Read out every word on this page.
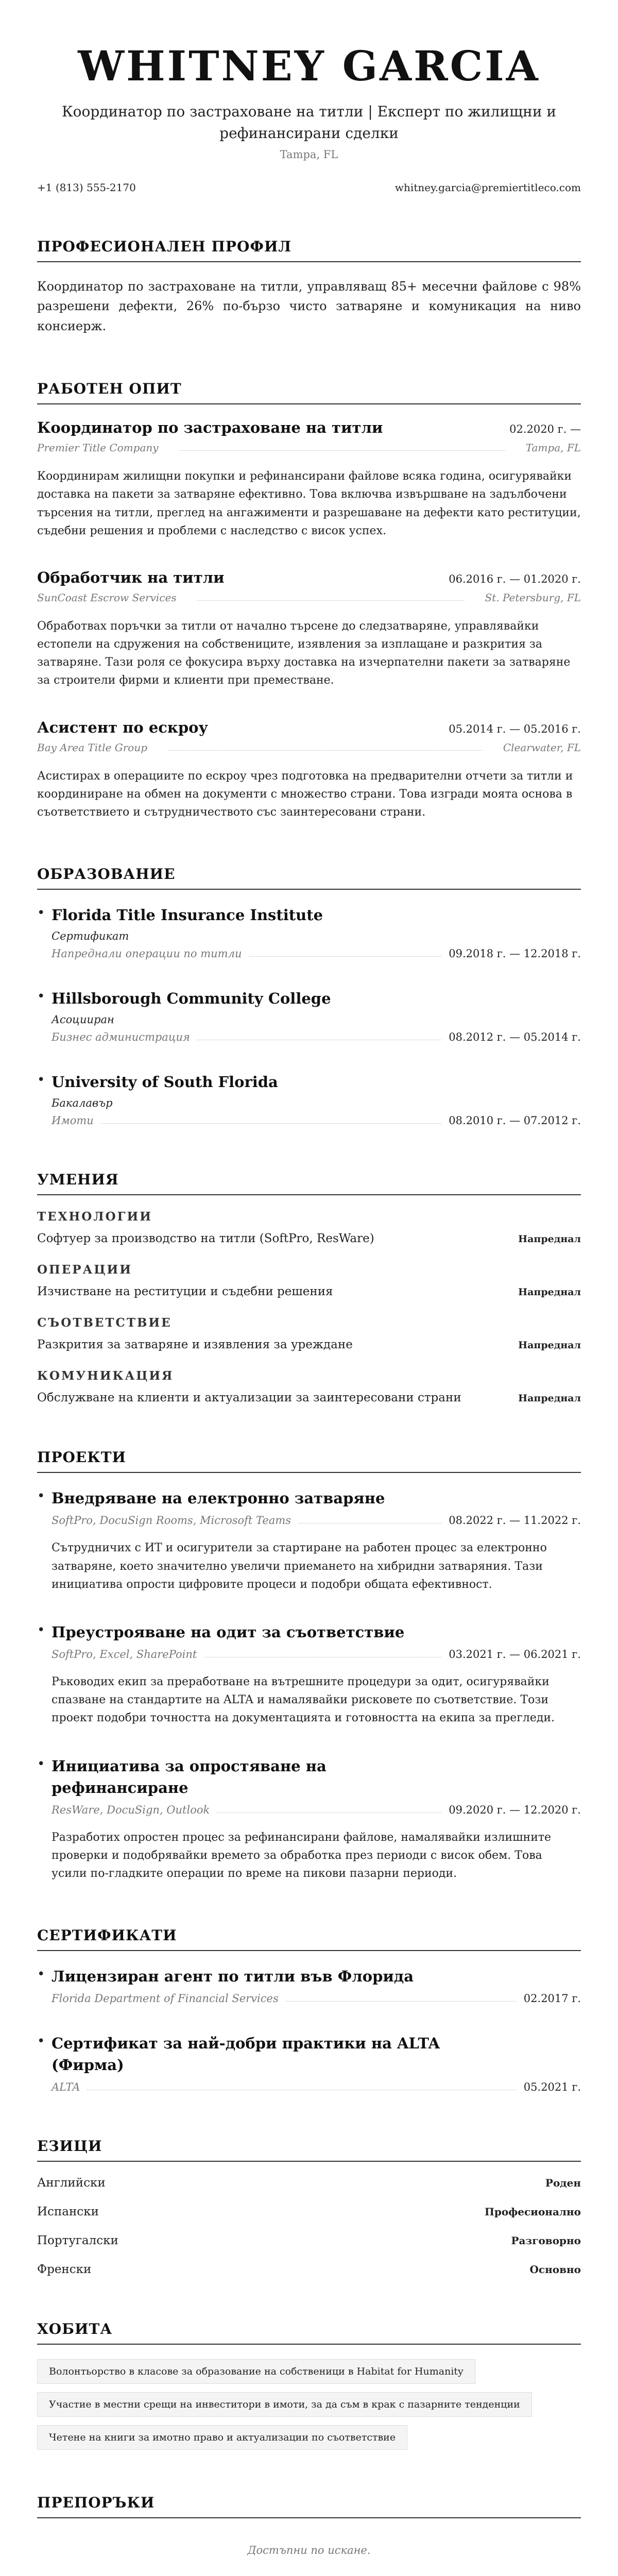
WHITNEY GARCIA
Координатор по застраховане на титли | Експерт по жилищни и рефинансирани сделки
Tampa, FL
+1 (813) 555-2170	whitney.garcia@premiertitleco.com
ПРОФЕСИОНАЛЕН ПРОФИЛ

Координатор по застраховане на титли, управляващ 85+ месечни файлове с 98% разрешени дефекти, 26% по-бързо чисто затваряне и комуникация на ниво консиерж.

РАБОТЕН ОПИТ
Координатор по застраховане на титли	02.2020 г. —
Premier Title Company	Tampa, FL

Координирам жилищни покупки и рефинансирани файлове всяка година, осигурявайки доставка на пакети за затваряне ефективно. Това включва извършване на задълбочени търсения на титли, преглед на ангажименти и разрешаване на дефекти като реституции, съдебни решения и проблеми с наследство с висок успех.

Обработчик на титли	06.2016 г. — 01.2020 г.
SunCoast Escrow Services	St. Petersburg, FL

Обработвах поръчки за титли от начално търсене до следзатваряне, управлявайки естопели на сдружения на собствениците, изявления за изплащане и разкрития за затваряне. Тази роля се фокусира върху доставка на изчерпателни пакети за затваряне за строители фирми и клиенти при преместване.

Асистент по ескроу	05.2014 г. — 05.2016 г.
Bay Area Title Group	Clearwater, FL

Асистирах в операциите по ескроу чрез подготовка на предварителни отчети за титли и координиране на обмен на документи с множество страни. Това изгради моята основа в съответствието и сътрудничеството със заинтересовани страни.

ОБРАЗОВАНИЕ
• Florida Title Insurance Institute
Сертификат
Напреднали операции по титли	09.2018 г. — 12.2018 г.
• Hillsborough Community College
Асоцииран
Бизнес администрация	08.2012 г. — 05.2014 г.
• University of South Florida
Бакалавър
Имоти	08.2010 г. — 07.2012 г.
УМЕНИЯ
ТЕХНОЛОГИИ
Софтуер за производство на титли (SoftPro, ResWare)	Напреднал
ОПЕРАЦИИ
Изчистване на реституции и съдебни решения	Напреднал
СЪОТВЕТСТВИЕ
Разкрития за затваряне и изявления за уреждане	Напреднал
КОМУНИКАЦИЯ
Обслужване на клиенти и актуализации за заинтересовани страни	Напреднал
ПРОЕКТИ
• Внедряване на електронно затваряне
SoftPro, DocuSign Rooms, Microsoft Teams	08.2022 г. — 11.2022 г.

Сътрудничих с ИТ и осигурители за стартиране на работен процес за електронно затваряне, което значително увеличи приемането на хибридни затваряния. Тази инициатива опрости цифровите процеси и подобри общата ефективност.

• Преустрояване на одит за съответствие
SoftPro, Excel, SharePoint	03.2021 г. — 06.2021 г.

Ръководих екип за преработване на вътрешните процедури за одит, осигурявайки спазване на стандартите на ALTA и намалявайки рисковете по съответствие. Този проект подобри точността на документацията и готовността на екипа за прегледи.

• Инициатива за опростяване на рефинансиране
ResWare, DocuSign, Outlook	09.2020 г. — 12.2020 г.

Разработих опростен процес за рефинансирани файлове, намалявайки излишните проверки и подобрявайки времето за обработка през периоди с висок обем. Това усили по-гладките операции по време на пикови пазарни периоди.

СЕРТИФИКАТИ
• Лицензиран агент по титли във Флорида
Florida Department of Financial Services	02.2017 г.
• Сертификат за най-добри практики на ALTA (Фирма)
ALTA	05.2021 г.
ЕЗИЦИ
Английски	Роден
Испански	Професионално
Португалски	Разговорно
Френски	Основно
ХОБИТА
Волонтьорство в класове за образование на собственици в Habitat for Humanity
Участие в местни срещи на инвеститори в имоти, за да съм в крак с пазарните тенденции
Четене на книги за имотно право и актуализации по съответствие
ПРЕПОРЪКИ

Достъпни по искане.
